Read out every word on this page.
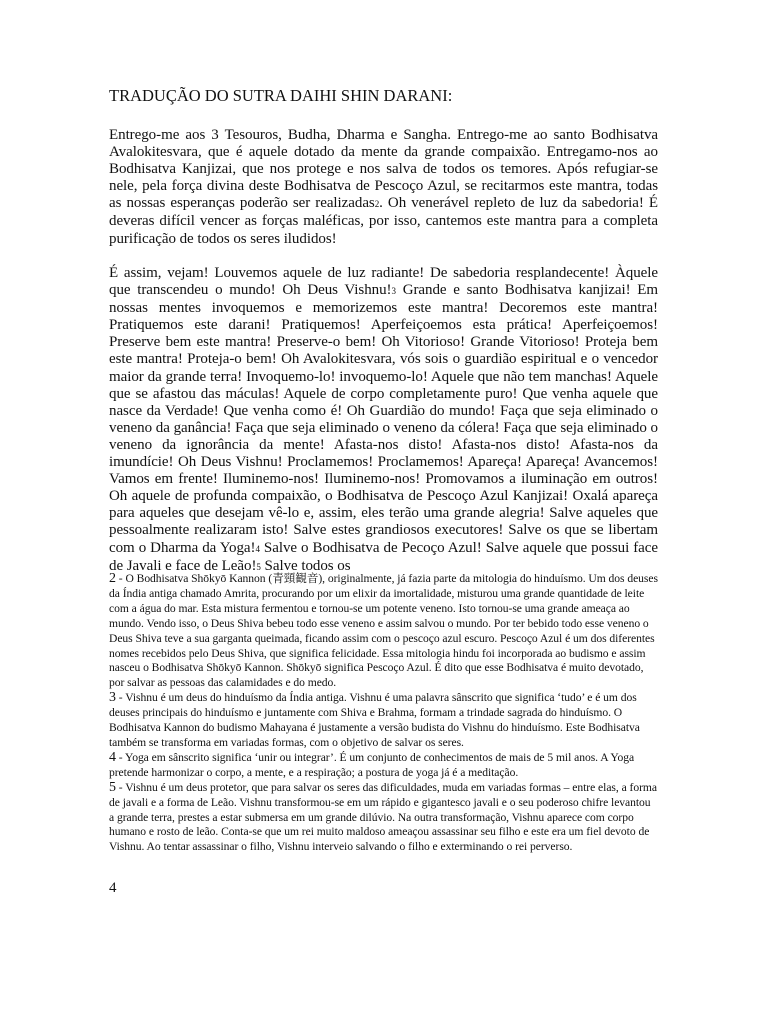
TRADUÇÃO DO SUTRA DAIHI SHIN DARANI:

Entrego-me aos 3 Tesouros, Budha, Dharma e Sangha. Entrego-me ao santo Bodhisatva Avalokitesvara, que é aquele dotado da mente da grande compaixão. Entregamo-nos ao Bodhisatva Kanjizai, que nos protege e nos salva de todos os temores. Após refugiar-se nele, pela força divina deste Bodhisatva de Pescoço Azul, se recitarmos este mantra, todas as nossas esperanças poderão ser realizadas2. Oh venerável repleto de luz da sabedoria! É deveras difícil vencer as forças maléficas, por isso, cantemos este mantra para a completa purificação de todos os seres iludidos!

É assim, vejam! Louvemos aquele de luz radiante! De sabedoria resplandecente! Àquele que transcendeu o mundo! Oh Deus Vishnu!3 Grande e santo Bodhisatva kanjizai! Em nossas mentes invoquemos e memorizemos este mantra! Decoremos este mantra! Pratiquemos este darani! Pratiquemos! Aperfeiçoemos esta prática! Aperfeiçoemos! Preserve bem este mantra! Preserve-o bem! Oh Vitorioso! Grande Vitorioso! Proteja bem este mantra! Proteja-o bem! Oh Avalokitesvara, vós sois o guardião espiritual e o vencedor maior da grande terra! Invoquemo-lo! invoquemo-lo! Aquele que não tem manchas! Aquele que se afastou das máculas! Aquele de corpo completamente puro! Que venha aquele que nasce da Verdade! Que venha como é! Oh Guardião do mundo! Faça que seja eliminado o veneno da ganância! Faça que seja eliminado o veneno da cólera! Faça que seja eliminado o veneno da ignorância da mente! Afasta-nos disto! Afasta-nos disto! Afasta-nos da imundície! Oh Deus Vishnu! Proclamemos! Proclamemos! Apareça! Apareça! Avancemos! Vamos em frente! Iluminemo-nos! Iluminemo-nos! Promovamos a iluminação em outros! Oh aquele de profunda compaixão, o Bodhisatva de Pescoço Azul Kanjizai! Oxalá apareça para aqueles que desejam vê-lo e, assim, eles terão uma grande alegria! Salve aqueles que pessoalmente realizaram isto! Salve estes grandiosos executores! Salve os que se libertam com o Dharma da Yoga!4 Salve o Bodhisatva de Pecoço Azul! Salve aquele que possui face de Javali e face de Leão!5 Salve todos os

2 - O Bodhisatva Shōkyō Kannon (青頸観音), originalmente, já fazia parte da mitologia do hinduísmo. Um dos deuses da Índia antiga chamado Amrita, procurando por um elixir da imortalidade, misturou uma grande quantidade de leite com a água do mar. Esta mistura fermentou e tornou-se um potente veneno. Isto tornou-se uma grande ameaça ao mundo. Vendo isso, o Deus Shiva bebeu todo esse veneno e assim salvou o mundo. Por ter bebido todo esse veneno o Deus Shiva teve a sua garganta queimada, ficando assim com o pescoço azul escuro. Pescoço Azul é um dos diferentes nomes recebidos pelo Deus Shiva, que significa felicidade. Essa mitologia hindu foi incorporada ao budismo e assim nasceu o Bodhisatva Shōkyō Kannon. Shōkyō significa Pescoço Azul. É dito que esse Bodhisatva é muito devotado, por salvar as pessoas das calamidades e do medo.

3 - Vishnu é um deus do hinduísmo da Índia antiga. Vishnu é uma palavra sânscrito que significa ‘tudo’ e é um dos deuses principais do hinduísmo e juntamente com Shiva e Brahma, formam a trindade sagrada do hinduísmo. O Bodhisatva Kannon do budismo Mahayana é justamente a versão budista do Vishnu do hinduísmo. Este Bodhisatva também se transforma em variadas formas, com o objetivo de salvar os seres.

4 - Yoga em sânscrito significa ‘unir ou integrar’. É um conjunto de conhecimentos de mais de 5 mil anos. A Yoga pretende harmonizar o corpo, a mente, e a respiração; a postura de yoga já é a meditação.

5 - Vishnu é um deus protetor, que para salvar os seres das dificuldades, muda em variadas formas – entre elas, a forma de javali e a forma de Leão. Vishnu transformou-se em um rápido e gigantesco javali e o seu poderoso chifre levantou a grande terra, prestes a estar submersa em um grande dilúvio. Na outra transformação, Vishnu aparece com corpo humano e rosto de leão. Conta-se que um rei muito maldoso ameaçou assassinar seu filho e este era um fiel devoto de Vishnu. Ao tentar assassinar o filho, Vishnu interveio salvando o filho e exterminando o rei perverso.

4
